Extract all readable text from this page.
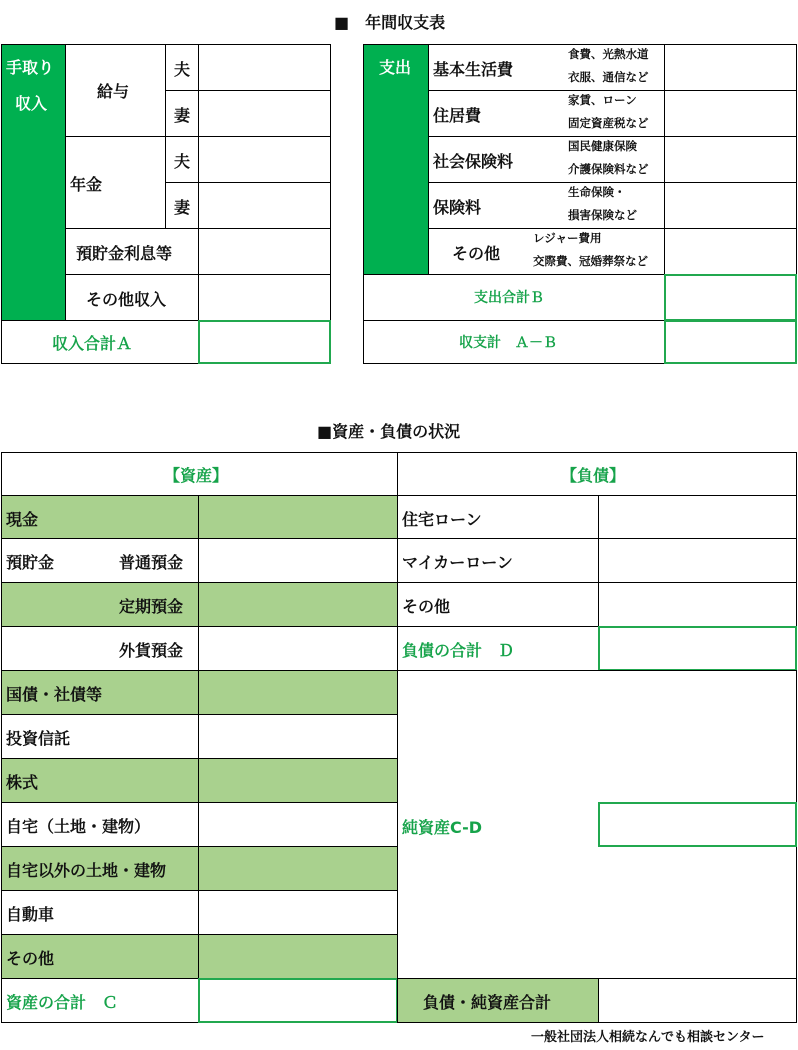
■　年間収支表
手取り
収入
給与
夫
妻
年金
夫
妻
預貯金利息等
その他収入
収入合計Ａ
支出 基本生活費
食費、光熱水道
衣服、通信など
住居費
家賃、ローン
固定資産税など
社会保険料
国民健康保険
介護保険料など
保険料
生命保険・
損害保険など
その他
レジャー費用
交際費、冠婚葬祭など
支出合計Ｂ
収支計　Ａ－Ｂ
■資産・負債の状況
【資産】	【負債】
現金
預貯金	普通預金
定期預金
外貨預金
国債・社債等
投資信託
株式
自宅（土地・建物）
自宅以外の土地・建物
自動車
その他
資産の合計　Ｃ
住宅ローン
マイカーローン
その他
負債の合計　Ｄ
純資産C-D
負債・純資産合計
一般社団法人相続なんでも相談センター
